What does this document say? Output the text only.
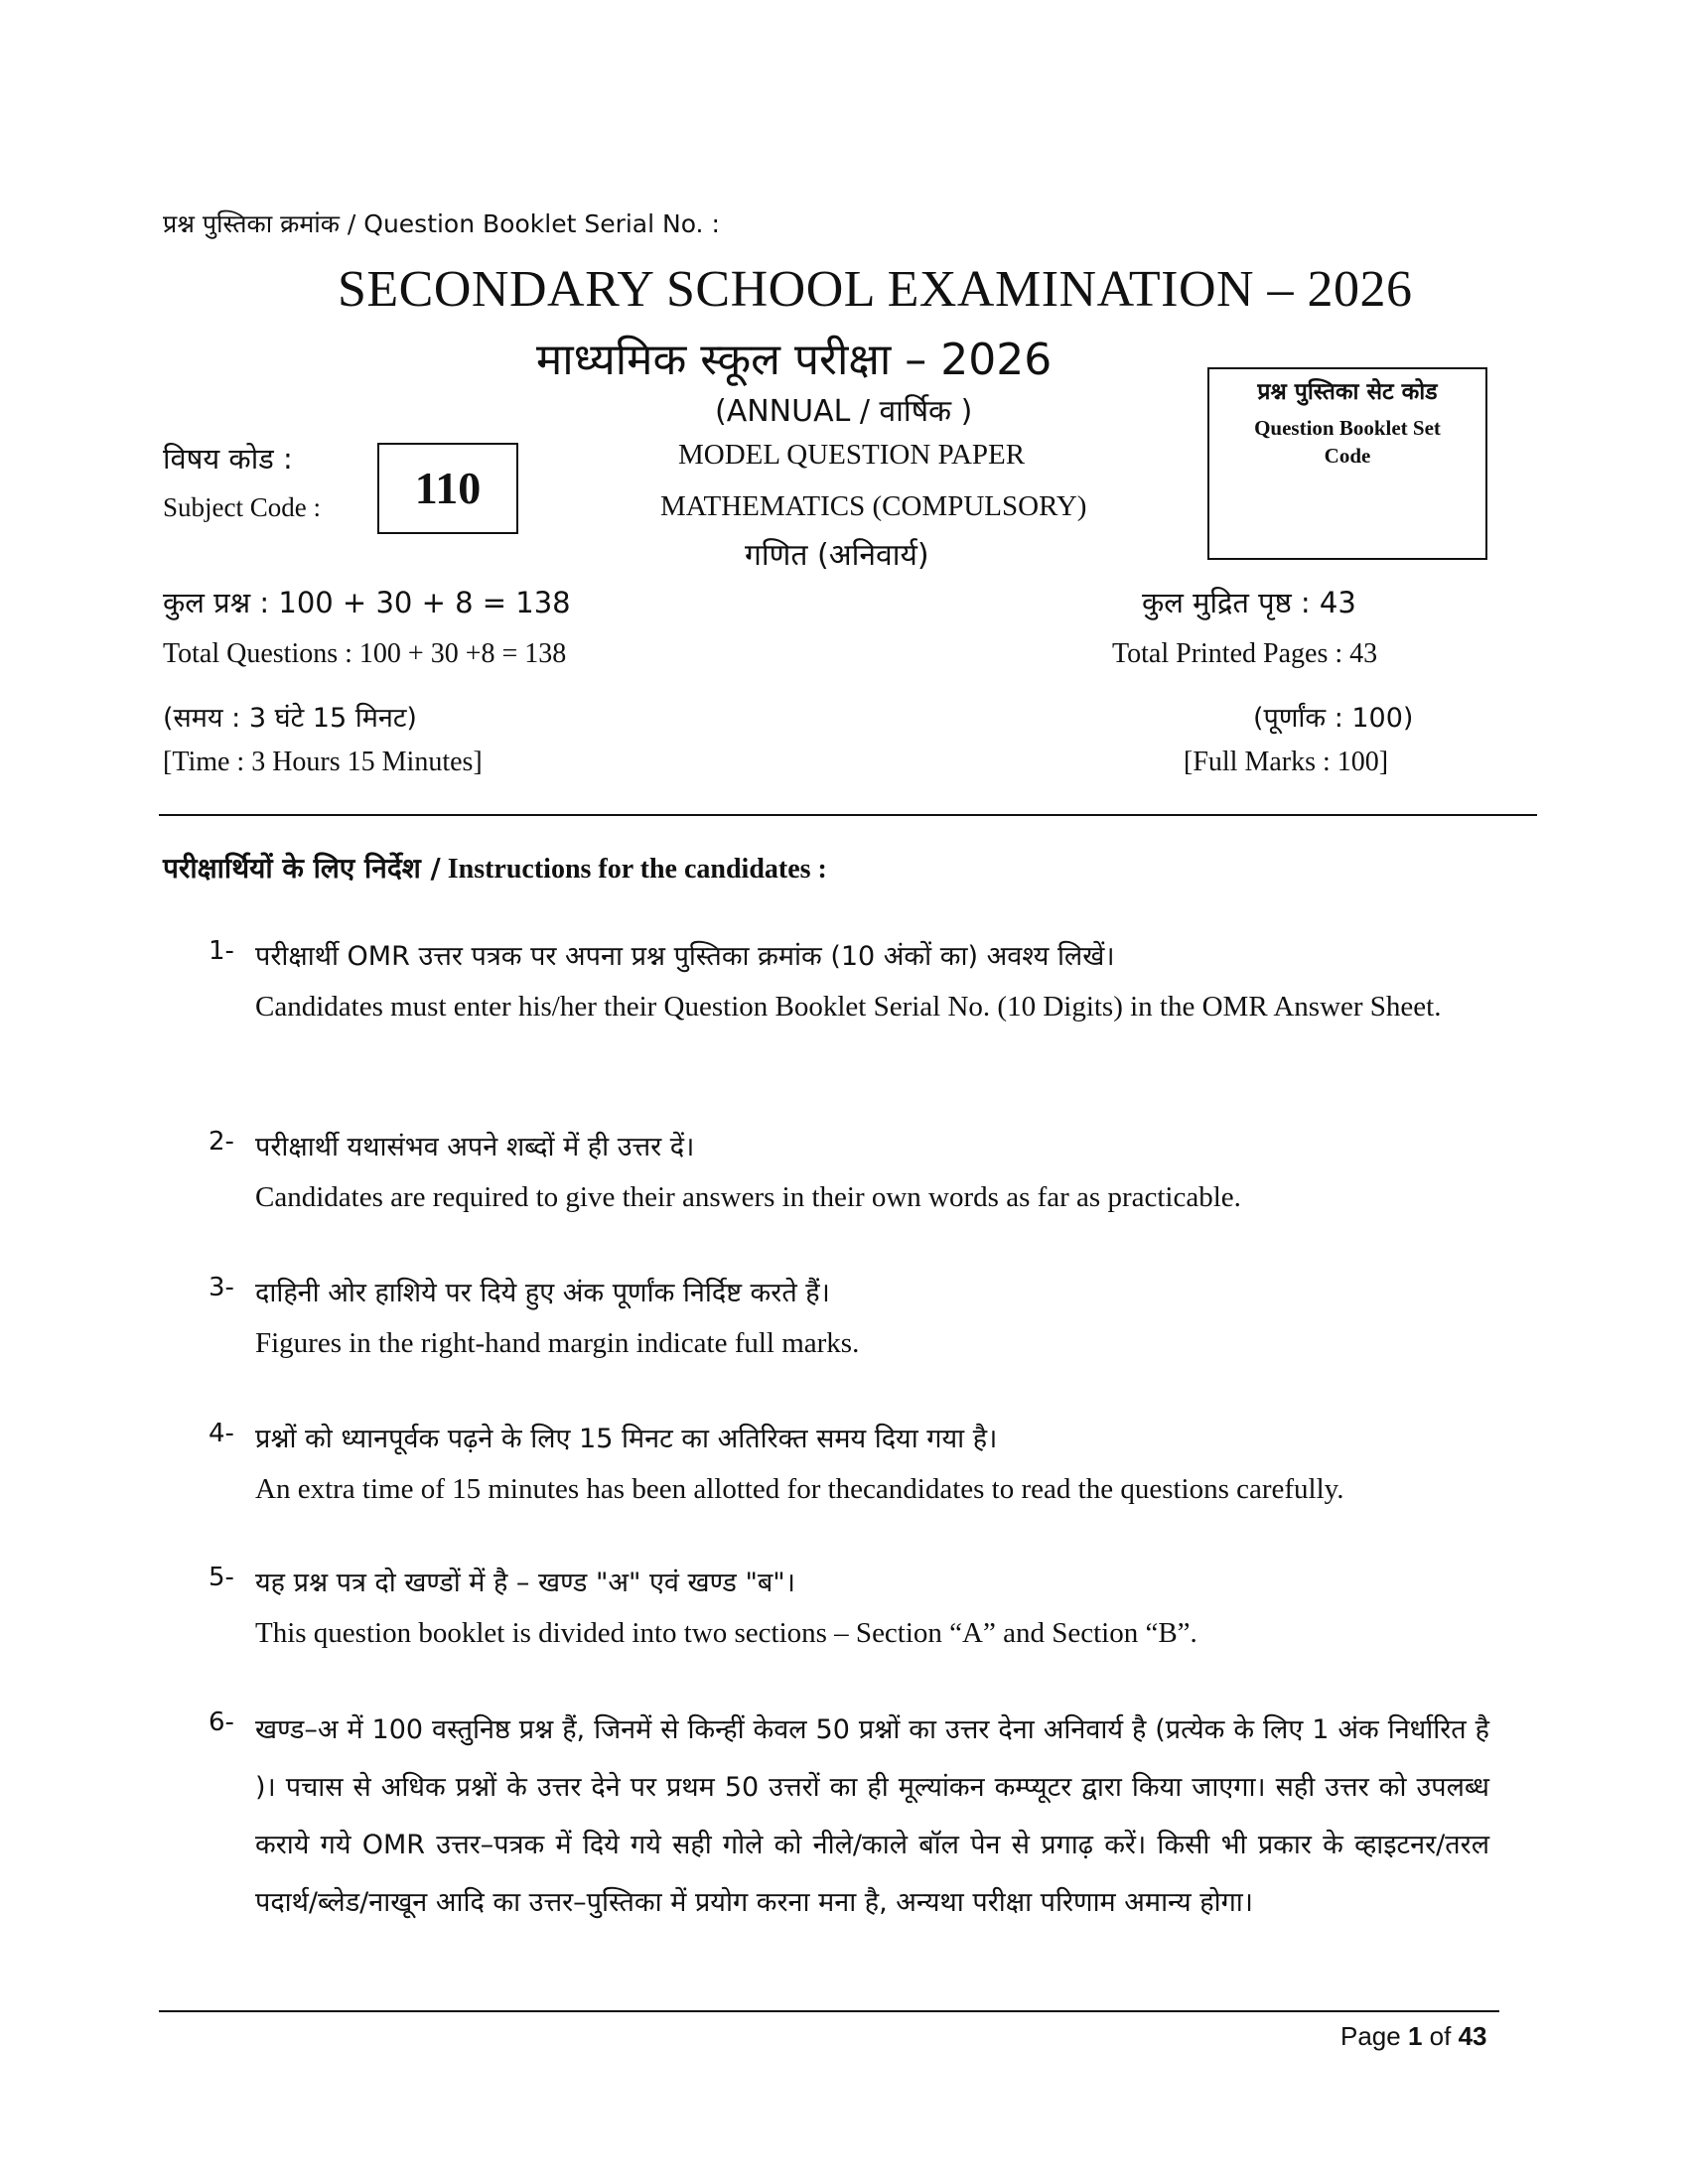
प्रश्न पुस्तिका क्रमांक / Question Booklet Serial No. :
SECONDARY SCHOOL EXAMINATION – 2026
माध्यमिक स्कूल परीक्षा – 2026
(ANNUAL / वार्षिक )
प्रश्न पुस्तिका सेट कोड
Question Booklet Set Code
विषय कोड :
Subject Code :	110
MODEL QUESTION PAPER
MATHEMATICS (COMPULSORY)
गणित (अनिवार्य)
कुल प्रश्न : 100 + 30 + 8 = 138
Total Questions : 100 + 30 +8 = 138
कुल मुद्रित पृष्ठ : 43
Total Printed Pages : 43
(समय : 3 घंटे 15 मिनट)
[Time : 3 Hours 15 Minutes]
(पूर्णांक : 100)
[Full Marks : 100]
परीक्षार्थियों के लिए निर्देश / Instructions for the candidates :
1- परीक्षार्थी OMR उत्तर पत्रक पर अपना प्रश्न पुस्तिका क्रमांक (10 अंकों का) अवश्य लिखें।
Candidates must enter his/her their Question Booklet Serial No. (10 Digits) in the OMR Answer Sheet.
2- परीक्षार्थी यथासंभव अपने शब्दों में ही उत्तर दें।
Candidates are required to give their answers in their own words as far as practicable.
3- दाहिनी ओर हाशिये पर दिये हुए अंक पूर्णांक निर्दिष्ट करते हैं।
Figures in the right-hand margin indicate full marks.
4- प्रश्नों को ध्यानपूर्वक पढ़ने के लिए 15 मिनट का अतिरिक्त समय दिया गया है।
An extra time of 15 minutes has been allotted for thecandidates to read the questions carefully.
5- यह प्रश्न पत्र दो खण्डों में है – खण्ड "अ" एवं खण्ड "ब"।
This question booklet is divided into two sections – Section “A” and Section “B”.
6- खण्ड–अ में 100 वस्तुनिष्ठ प्रश्न हैं, जिनमें से किन्हीं केवल 50 प्रश्नों का उत्तर देना अनिवार्य है (प्रत्येक के लिए 1 अंक निर्धारित है )। पचास से अधिक प्रश्नों के उत्तर देने पर प्रथम 50 उत्तरों का ही मूल्यांकन कम्प्यूटर द्वारा किया जाएगा। सही उत्तर को उपलब्ध कराये गये OMR उत्तर–पत्रक में दिये गये सही गोले को नीले/काले बॉल पेन से प्रगाढ़ करें। किसी भी प्रकार के व्हाइटनर/तरल पदार्थ/ब्लेड/नाखून आदि का उत्तर–पुस्तिका में प्रयोग करना मना है, अन्यथा परीक्षा परिणाम अमान्य होगा।
Page 1 of 43
